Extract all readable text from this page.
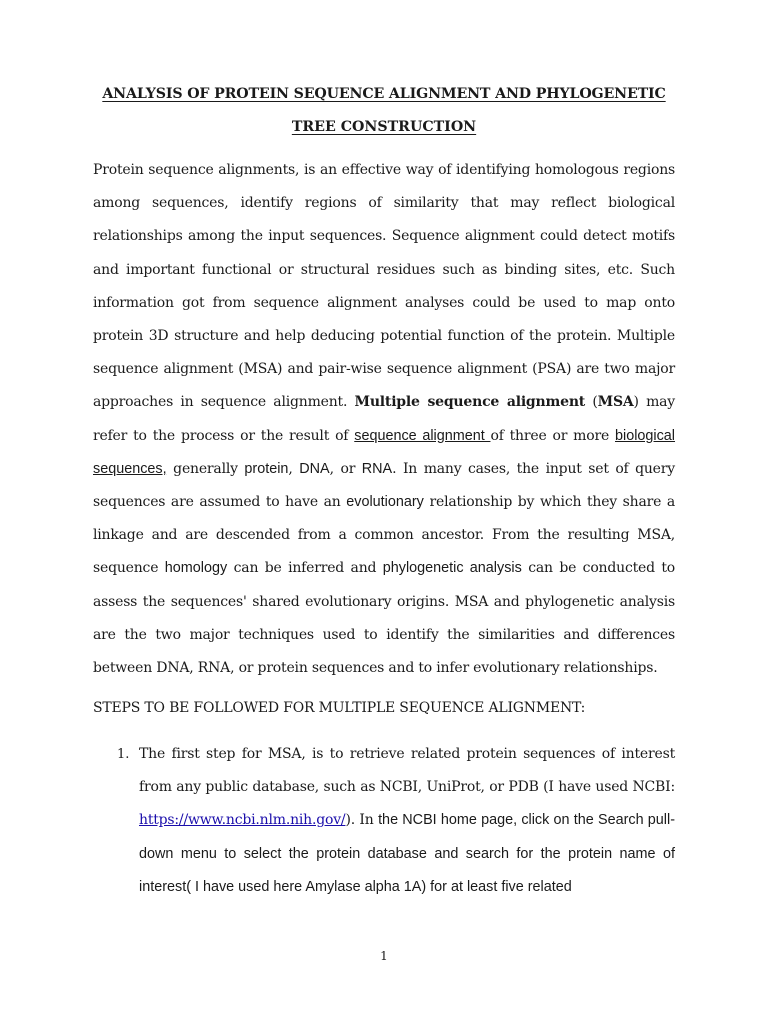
ANALYSIS OF PROTEIN SEQUENCE ALIGNMENT AND PHYLOGENETIC
TREE CONSTRUCTION
Protein sequence alignments, is an effective way of identifying homologous regions among sequences, identify regions of similarity that may reflect biological relationships among the input sequences. Sequence alignment could detect motifs and important functional or structural residues such as binding sites, etc. Such information got from sequence alignment analyses could be used to map onto protein 3D structure and help deducing potential function of the protein. Multiple sequence alignment (MSA) and pair-wise sequence alignment (PSA) are two major approaches in sequence alignment. Multiple sequence alignment (MSA) may refer to the process or the result of sequence alignment of three or more biological sequences, generally protein, DNA, or RNA. In many cases, the input set of query sequences are assumed to have an evolutionary relationship by which they share a linkage and are descended from a common ancestor. From the resulting MSA, sequence homology can be inferred and phylogenetic analysis can be conducted to assess the sequences' shared evolutionary origins. MSA and phylogenetic analysis are the two major techniques used to identify the similarities and differences between DNA, RNA, or protein sequences and to infer evolutionary relationships.
STEPS TO BE FOLLOWED FOR MULTIPLE SEQUENCE ALIGNMENT:
1. The first step for MSA, is to retrieve related protein sequences of interest from any public database, such as NCBI, UniProt, or PDB (I have used NCBI: https://www.ncbi.nlm.nih.gov/). In the NCBI home page, click on the Search pull-down menu to select the protein database and search for the protein name of interest( I have used here Amylase alpha 1A) for at least five related
1
